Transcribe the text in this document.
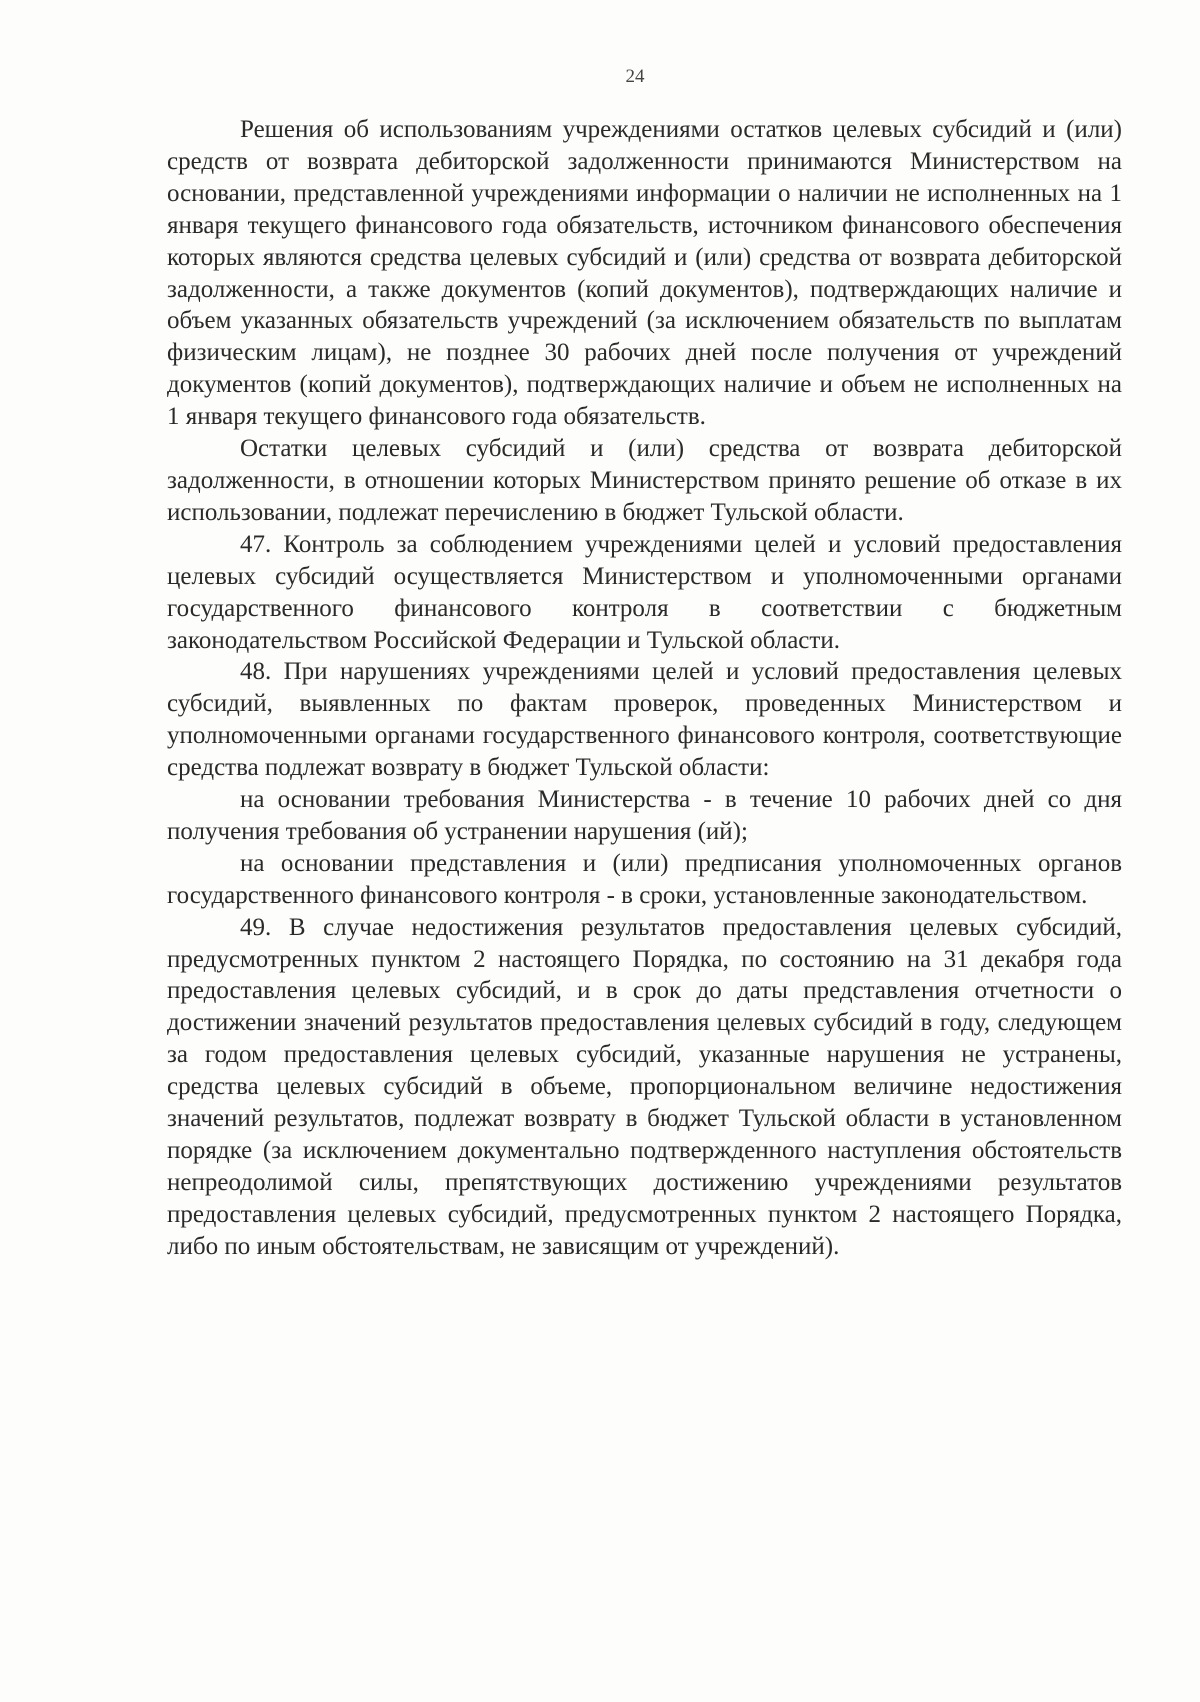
24

Решения об использованиям учреждениями остатков целевых субсидий и (или) средств от возврата дебиторской задолженности принимаются Министерством на основании, представленной учреждениями информации о наличии не исполненных на 1 января текущего финансового года обязательств, источником финансового обеспечения которых являются средства целевых субсидий и (или) средства от возврата дебиторской задолженности, а также документов (копий документов), подтверждающих наличие и объем указанных обязательств учреждений (за исключением обязательств по выплатам физическим лицам), не позднее 30 рабочих дней после получения от учреждений документов (копий документов), подтверждающих наличие и объем не исполненных на 1 января текущего финансового года обязательств.

Остатки целевых субсидий и (или) средства от возврата дебиторской задолженности, в отношении которых Министерством принято решение об отказе в их использовании, подлежат перечислению в бюджет Тульской области.

47. Контроль за соблюдением учреждениями целей и условий предоставления целевых субсидий осуществляется Министерством и уполномоченными органами государственного финансового контроля в соответствии с бюджетным законодательством Российской Федерации и Тульской области.

48. При нарушениях учреждениями целей и условий предоставления целевых субсидий, выявленных по фактам проверок, проведенных Министерством и уполномоченными органами государственного финансового контроля, соответствующие средства подлежат возврату в бюджет Тульской области:

на основании требования Министерства - в течение 10 рабочих дней со дня получения требования об устранении нарушения (ий);

на основании представления и (или) предписания уполномоченных органов государственного финансового контроля - в сроки, установленные законодательством.

49. В случае недостижения результатов предоставления целевых субсидий, предусмотренных пунктом 2 настоящего Порядка, по состоянию на 31 декабря года предоставления целевых субсидий, и в срок до даты представления отчетности о достижении значений результатов предоставления целевых субсидий в году, следующем за годом предоставления целевых субсидий, указанные нарушения не устранены, средства целевых субсидий в объеме, пропорциональном величине недостижения значений результатов, подлежат возврату в бюджет Тульской области в установленном порядке (за исключением документально подтвержденного наступления обстоятельств непреодолимой силы, препятствующих достижению учреждениями результатов предоставления целевых субсидий, предусмотренных пунктом 2 настоящего Порядка, либо по иным обстоятельствам, не зависящим от учреждений).
